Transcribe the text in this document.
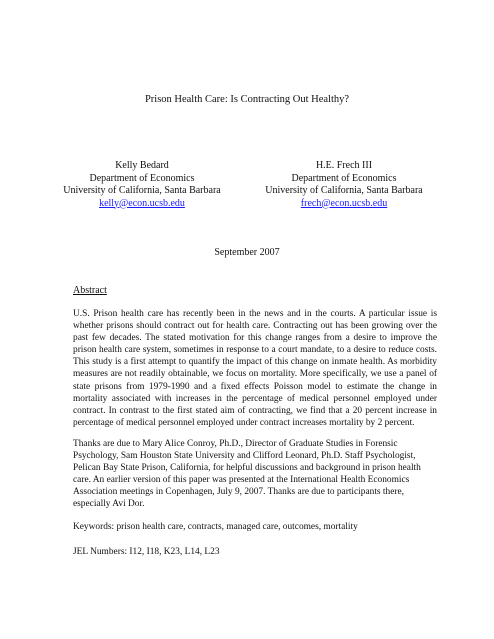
Prison Health Care: Is Contracting Out Healthy?
Kelly Bedard
Department of Economics
University of California, Santa Barbara
kelly@econ.ucsb.edu
H.E. Frech III
Department of Economics
University of California, Santa Barbara
frech@econ.ucsb.edu
September 2007
Abstract

U.S. Prison health care has recently been in the news and in the courts. A particular issue is whether prisons should contract out for health care. Contracting out has been growing over the past few decades. The stated motivation for this change ranges from a desire to improve the prison health care system, sometimes in response to a court mandate, to a desire to reduce costs. This study is a first attempt to quantify the impact of this change on inmate health. As morbidity measures are not readily obtainable, we focus on mortality. More specifically, we use a panel of state prisons from 1979-1990 and a fixed effects Poisson model to estimate the change in mortality associated with increases in the percentage of medical personnel employed under contract. In contrast to the first stated aim of contracting, we find that a 20 percent increase in percentage of medical personnel employed under contract increases mortality by 2 percent.

Thanks are due to Mary Alice Conroy, Ph.D., Director of Graduate Studies in Forensic Psychology, Sam Houston State University and Clifford Leonard, Ph.D. Staff Psychologist, Pelican Bay State Prison, California, for helpful discussions and background in prison health care. An earlier version of this paper was presented at the International Health Economics Association meetings in Copenhagen, July 9, 2007. Thanks are due to participants there, especially Avi Dor.

Keywords: prison health care, contracts, managed care, outcomes, mortality

JEL Numbers: I12, I18, K23, L14, L23
